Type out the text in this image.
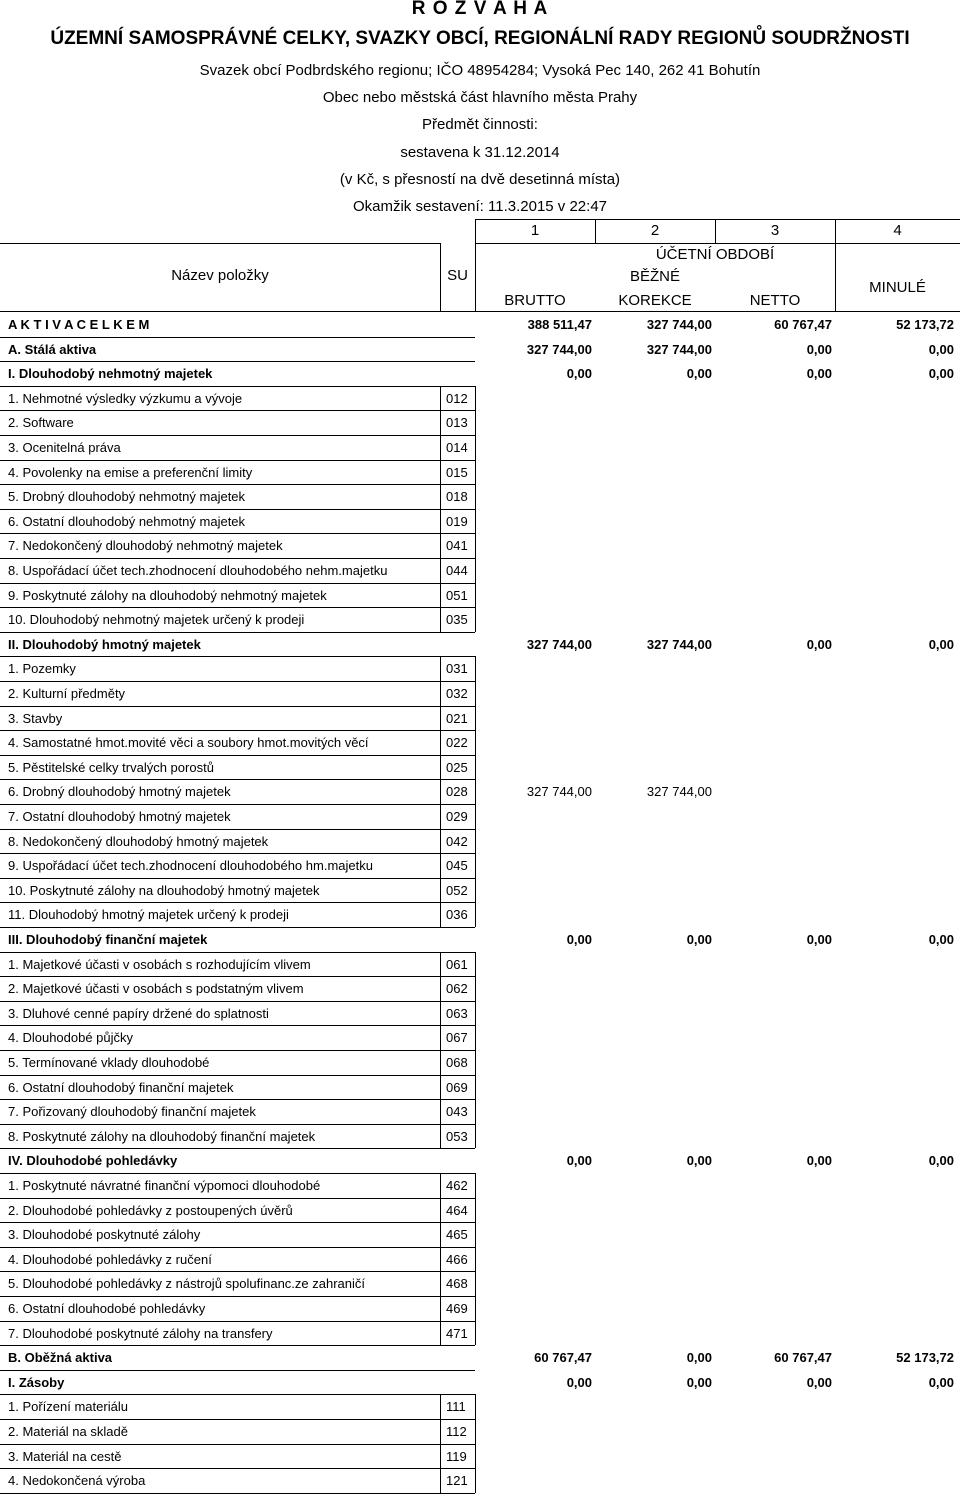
R O Z V A H A
ÚZEMNÍ SAMOSPRÁVNÉ CELKY, SVAZKY OBCÍ, REGIONÁLNÍ RADY REGIONŮ SOUDRŽNOSTI
Svazek obcí Podbrdského regionu; IČO 48954284; Vysoká Pec 140, 262 41 Bohutín
Obec nebo městská část hlavního města Prahy
Předmět činnosti:
sestavena k 31.12.2014
(v Kč, s přesností na dvě desetinná místa)
Okamžik sestavení: 11.3.2015 v 22:47
1	2	3	4
Název položky	SU
ÚČETNÍ OBDOBÍ
BĚŽNÉ
BRUTTO	KOREKCE	NETTO
MINULÉ
A K T I V A C E L K E M	388 511,47	327 744,00	60 767,47	52 173,72
A. Stálá aktiva	327 744,00	327 744,00	0,00	0,00
I. Dlouhodobý nehmotný majetek	0,00	0,00	0,00	0,00
1. Nehmotné výsledky výzkumu a vývoje	012
2. Software	013
3. Ocenitelná práva	014
4. Povolenky na emise a preferenční limity	015
5. Drobný dlouhodobý nehmotný majetek	018
6. Ostatní dlouhodobý nehmotný majetek	019
7. Nedokončený dlouhodobý nehmotný majetek	041
8. Uspořádací účet tech.zhodnocení dlouhodobého nehm.majetku	044
9. Poskytnuté zálohy na dlouhodobý nehmotný majetek	051
10. Dlouhodobý nehmotný majetek určený k prodeji	035
II. Dlouhodobý hmotný majetek	327 744,00	327 744,00	0,00	0,00
1. Pozemky	031
2. Kulturní předměty	032
3. Stavby	021
4. Samostatné hmot.movité věci a soubory hmot.movitých věcí	022
5. Pěstitelské celky trvalých porostů	025
6. Drobný dlouhodobý hmotný majetek	028	327 744,00	327 744,00
7. Ostatní dlouhodobý hmotný majetek	029
8. Nedokončený dlouhodobý hmotný majetek	042
9. Uspořádací účet tech.zhodnocení dlouhodobého hm.majetku	045
10. Poskytnuté zálohy na dlouhodobý hmotný majetek	052
11. Dlouhodobý hmotný majetek určený k prodeji	036
III. Dlouhodobý finanční majetek	0,00	0,00	0,00	0,00
1. Majetkové účasti v osobách s rozhodujícím vlivem	061
2. Majetkové účasti v osobách s podstatným vlivem	062
3. Dluhové cenné papíry držené do splatnosti	063
4. Dlouhodobé půjčky	067
5. Termínované vklady dlouhodobé	068
6. Ostatní dlouhodobý finanční majetek	069
7. Pořizovaný dlouhodobý finanční majetek	043
8. Poskytnuté zálohy na dlouhodobý finanční majetek	053
IV. Dlouhodobé pohledávky	0,00	0,00	0,00	0,00
1. Poskytnuté návratné finanční výpomoci dlouhodobé	462
2. Dlouhodobé pohledávky z postoupených úvěrů	464
3. Dlouhodobé poskytnuté zálohy	465
4. Dlouhodobé pohledávky z ručení	466
5. Dlouhodobé pohledávky z nástrojů spolufinanc.ze zahraničí	468
6. Ostatní dlouhodobé pohledávky	469
7. Dlouhodobé poskytnuté zálohy na transfery	471
B. Oběžná aktiva	60 767,47	0,00	60 767,47	52 173,72
I. Zásoby	0,00	0,00	0,00	0,00
1. Pořízení materiálu	111
2. Materiál na skladě	112
3. Materiál na cestě	119
4. Nedokončená výroba	121
